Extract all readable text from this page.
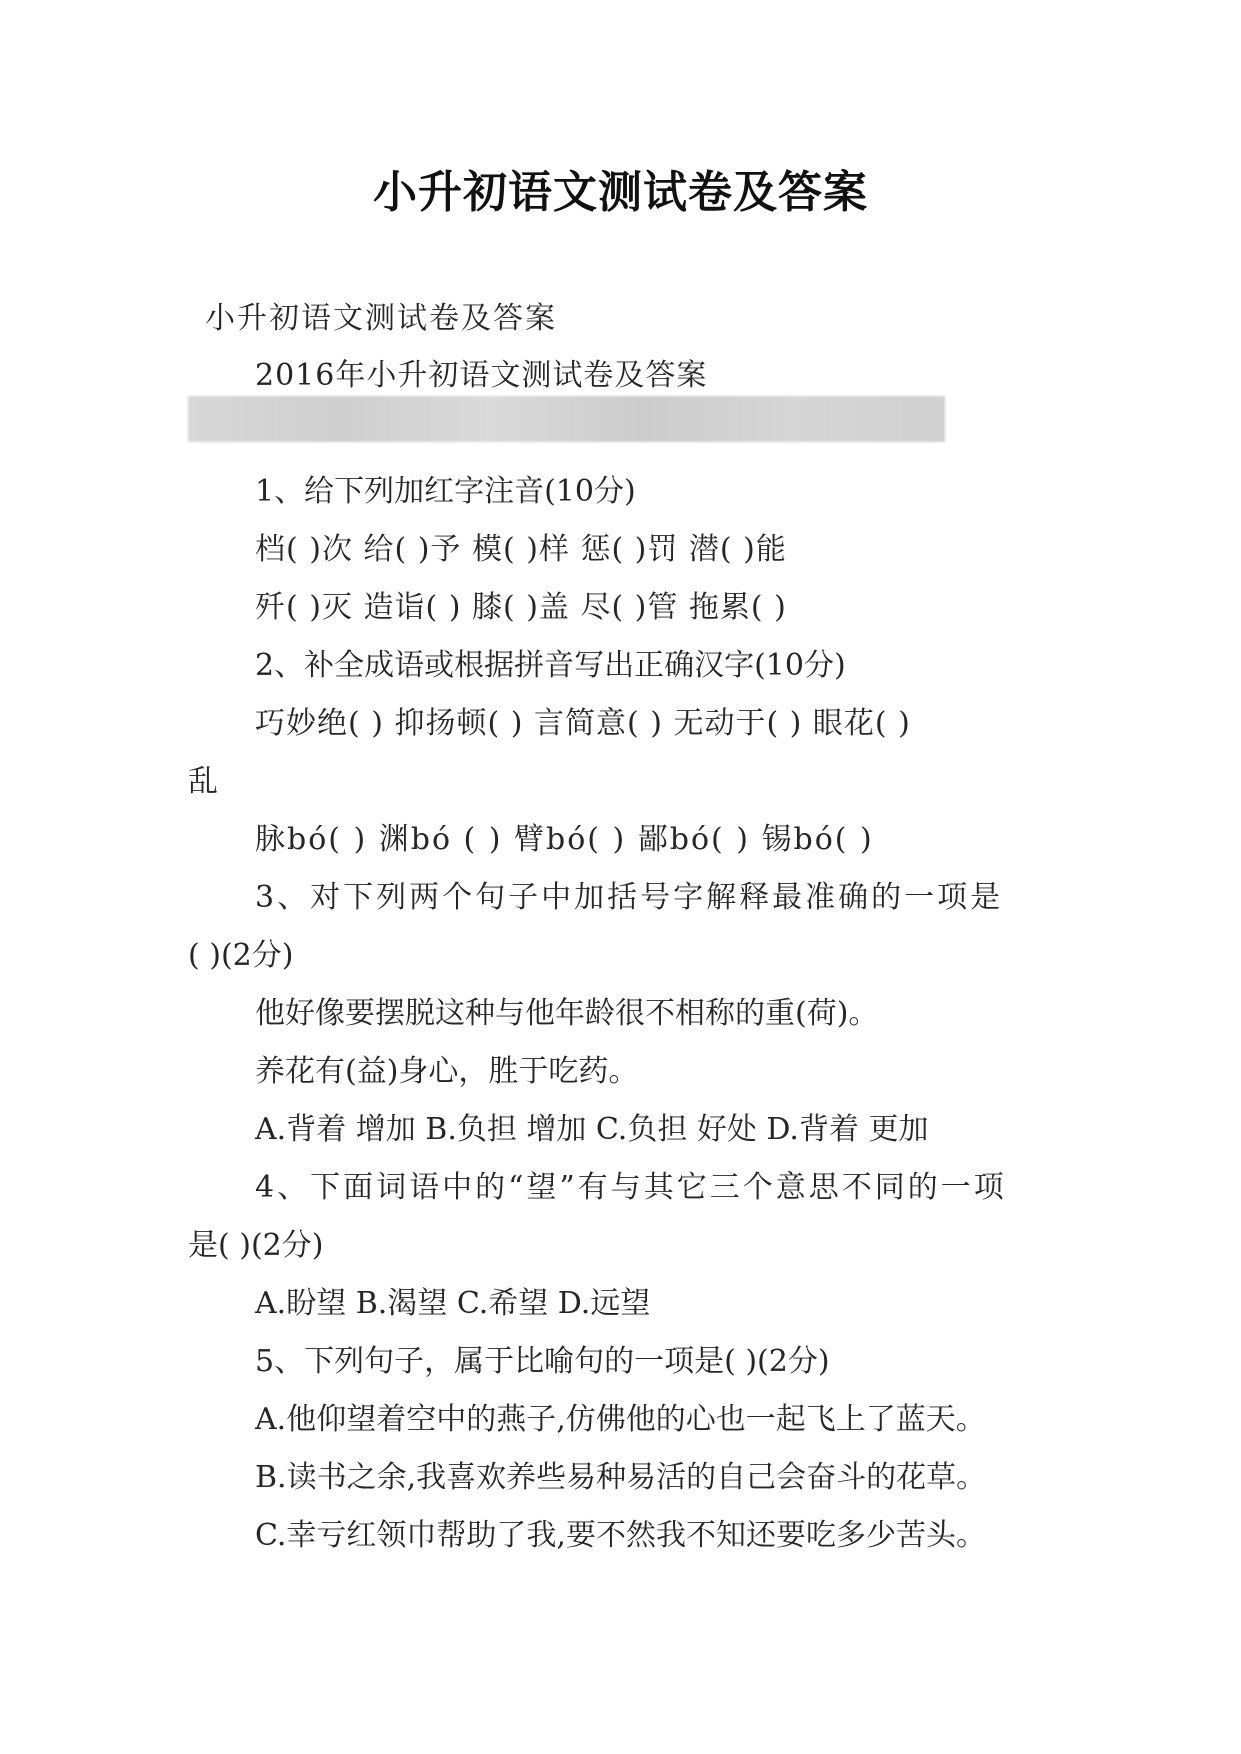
小升初语文测试卷及答案
小升初语文测试卷及答案
2016年小升初语文测试卷及答案
1、给下列加红字注音(10分)
档( )次 给( )予 模( )样 惩( )罚 潜( )能
歼( )灭 造诣( ) 膝( )盖 尽( )管 拖累( )
2、补全成语或根据拼音写出正确汉字(10分)
巧妙绝( ) 抑扬顿( ) 言简意( ) 无动于( ) 眼花( )
乱
脉bó( ) 渊bó ( ) 臂bó( ) 鄙bó( ) 锡bó( )
3、对下列两个句子中加括号字解释最准确的一项是
( )(2分)
他好像要摆脱这种与他年龄很不相称的重(荷)。
养花有(益)身心，胜于吃药。
A.背着 增加 B.负担 增加 C.负担 好处 D.背着 更加
4、下面词语中的“望”有与其它三个意思不同的一项
是( )(2分)
A.盼望 B.渴望 C.希望 D.远望
5、下列句子，属于比喻句的一项是( )(2分)
A.他仰望着空中的燕子,仿佛他的心也一起飞上了蓝天。
B.读书之余,我喜欢养些易种易活的自己会奋斗的花草。
C.幸亏红领巾帮助了我,要不然我不知还要吃多少苦头。
